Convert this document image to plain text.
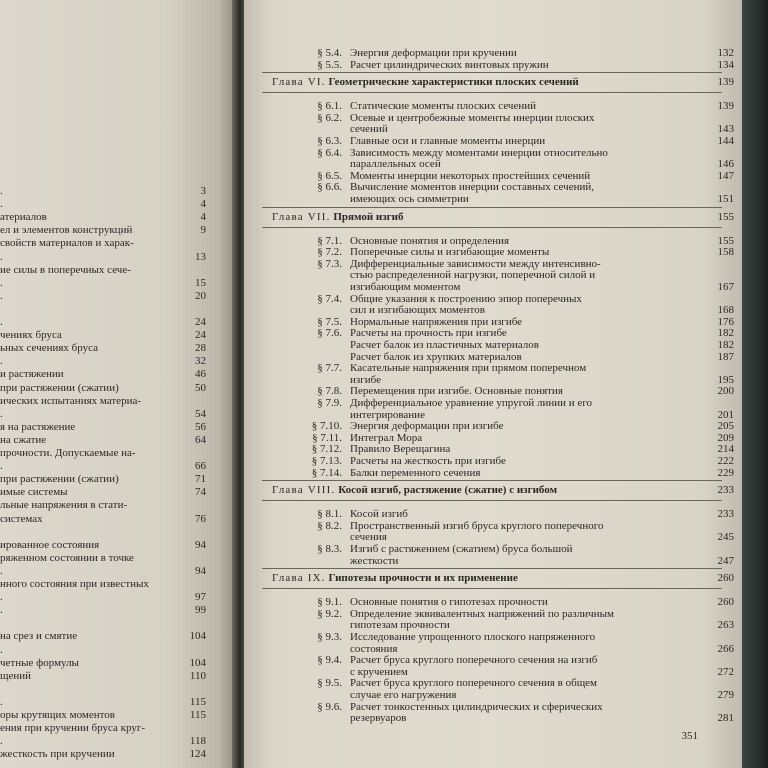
.	3
.	4
атериалов	4
ел и элементов конструкций	9
свойств материалов и харак-
.	13
ие силы в поперечных сече-
.	15
.	20
.	24
чениях бруса	24
ьных сечениях бруса	28
.	32
и растяжении	46
при растяжении (сжатии)	50
ических испытаниях материа-
.	54
я на растяжение	56
на сжатие	64
прочности. Допускаемые на-
.	66
при растяжении (сжатии)	71
имые системы	74
льные напряжения в стати-
системах	76
ированное состояния	94
ряженном состоянии в точке
.	94
нного состояния при известных
.	97
.	99
на срез и смятие	104
.
четные формулы	104
щений	110
.	115
оры крутящих моментов	115
ения при кручении бруса круг-
.	118
жесткость при кручении	124
§ 5.4. Энергия деформации при кручении	132
§ 5.5. Расчет цилиндрических винтовых пружин	134
Глава VI. Геометрические характеристики плоских сечений	139
§ 6.1. Статические моменты плоских сечений	139
§ 6.2. Осевые и центробежные моменты инерции плоских
сечений	143
§ 6.3. Главные оси и главные моменты инерции	144
§ 6.4. Зависимость между моментами инерции относительно
параллельных осей	146
§ 6.5. Моменты инерции некоторых простейших сечений	147
§ 6.6. Вычисление моментов инерции составных сечений,
имеющих ось симметрии	151
Глава VII. Прямой изгиб	155
§ 7.1. Основные понятия и определения	155
§ 7.2. Поперечные силы и изгибающие моменты	158
§ 7.3. Дифференциальные зависимости между интенсивно-
стью распределенной нагрузки, поперечной силой и
изгибающим моментом	167
§ 7.4. Общие указания к построению эпюр поперечных
сил и изгибающих моментов	168
§ 7.5. Нормальные напряжения при изгибе	176
§ 7.6. Расчеты на прочность при изгибе	182
Расчет балок из пластичных материалов	182
Расчет балок из хрупких материалов	187
§ 7.7. Касательные напряжения при прямом поперечном
изгибе	195
§ 7.8. Перемещения при изгибе. Основные понятия	200
§ 7.9. Дифференциальное уравнение упругой линии и его
интегрирование	201
§ 7.10. Энергия деформации при изгибе	205
§ 7.11. Интеграл Мора	209
§ 7.12. Правило Верещагина	214
§ 7.13. Расчеты на жесткость при изгибе	222
§ 7.14. Балки переменного сечения	229
Глава VIII. Косой изгиб, растяжение (сжатие) с изгибом	233
§ 8.1. Косой изгиб	233
§ 8.2. Пространственный изгиб бруса круглого поперечного
сечения	245
§ 8.3. Изгиб с растяжением (сжатием) бруса большой
жесткости	247
Глава IX. Гипотезы прочности и их применение	260
§ 9.1. Основные понятия о гипотезах прочности	260
§ 9.2. Определение эквивалентных напряжений по различным
гипотезам прочности	263
§ 9.3. Исследование упрощенного плоского напряженного
состояния	266
§ 9.4. Расчет бруса круглого поперечного сечения на изгиб
с кручением	272
§ 9.5. Расчет бруса круглого поперечного сечения в общем
случае его нагружения	279
§ 9.6. Расчет тонкостенных цилиндрических и сферических
резервуаров	281
351
